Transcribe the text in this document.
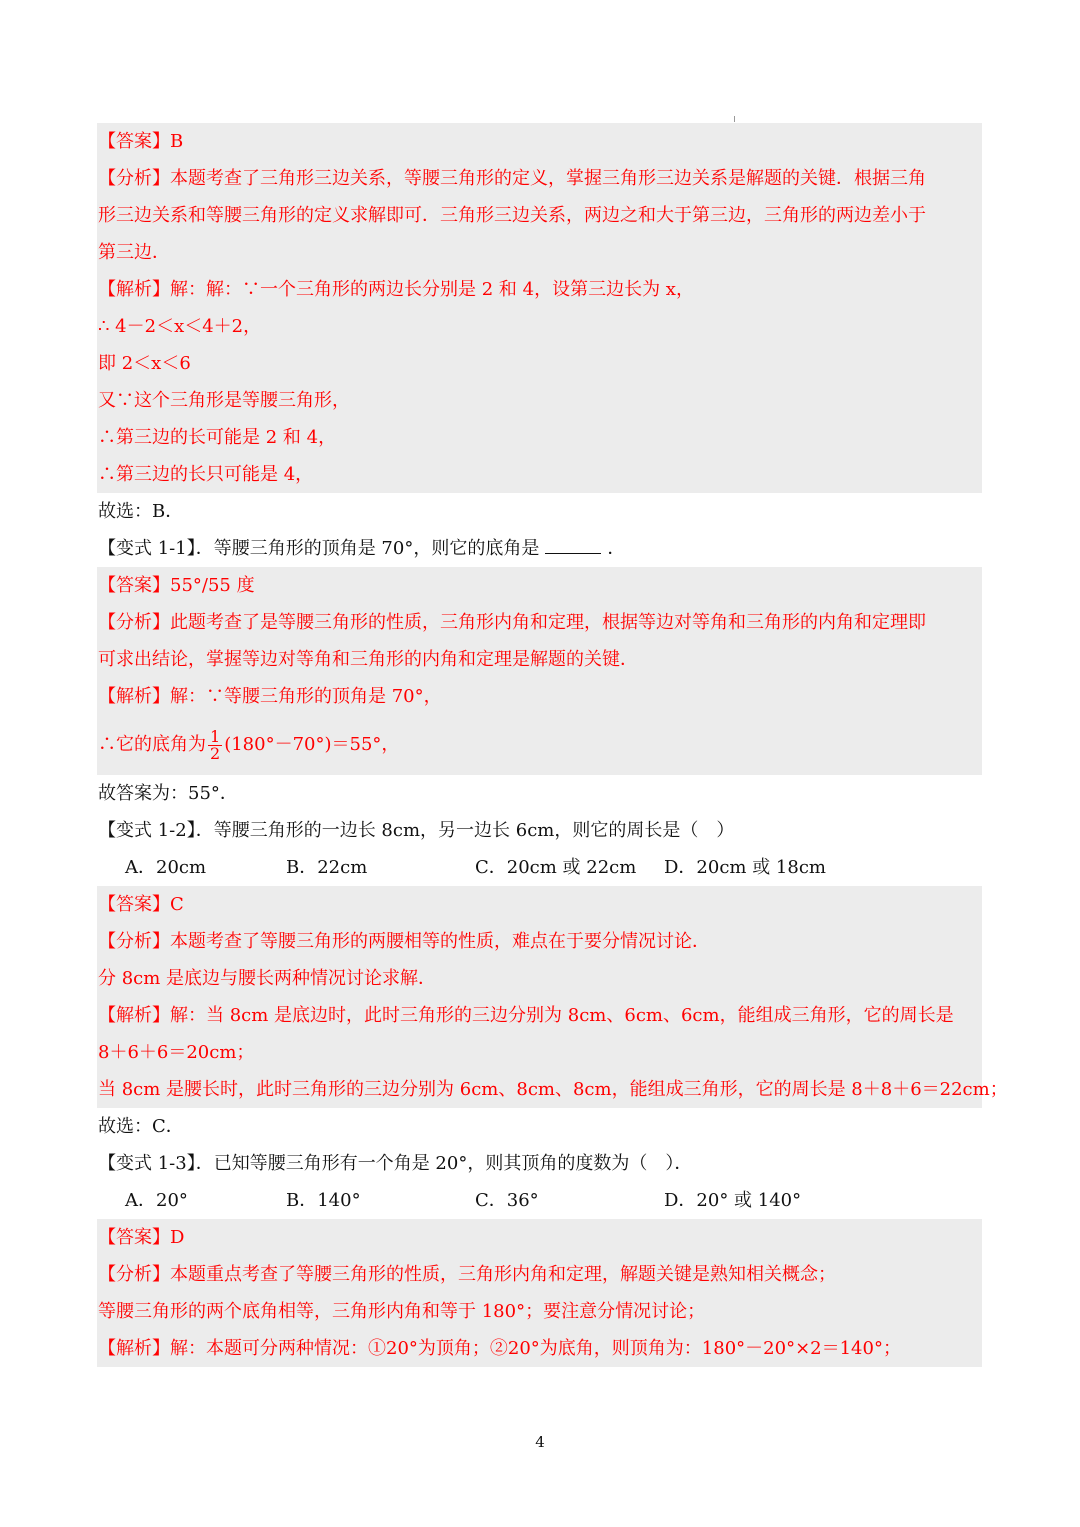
【答案】B
【分析】本题考查了三角形三边关系，等腰三角形的定义，掌握三角形三边关系是解题的关键．根据三角
形三边关系和等腰三角形的定义求解即可．三角形三边关系，两边之和大于第三边，三角形的两边差小于
第三边．
【解析】解：解：∵一个三角形的两边长分别是 2 和 4，设第三边长为 x，
∴ 4－2＜x＜4＋2，
即 2＜x＜6
又∵这个三角形是等腰三角形，
∴第三边的长可能是 2 和 4，
∴第三边的长只可能是 4，
故选：B．
【变式 1-1】．等腰三角形的顶角是 70°，则它的底角是	．
【答案】55°/55 度
【分析】此题考查了是等腰三角形的性质，三角形内角和定理，根据等边对等角和三角形的内角和定理即
可求出结论，掌握等边对等角和三角形的内角和定理是解题的关键．
【解析】解：∵等腰三角形的顶角是 70°，
∴它的底角为 $\frac{1}{2} (180^\circ-70^\circ)=55^\circ$，
故答案为：55°．
【变式 1-2】．等腰三角形的一边长 8cm，另一边长 6cm，则它的周长是（　）
A．20cm	B．22cm	C．20cm 或 22cm	D．20cm 或 18cm
【答案】C
【分析】本题考查了等腰三角形的两腰相等的性质，难点在于要分情况讨论．
分 8cm 是底边与腰长两种情况讨论求解．
【解析】解：当 8cm 是底边时，此时三角形的三边分别为 8cm、6cm、6cm，能组成三角形，它的周长是
8＋6＋6＝20cm；
当 8cm 是腰长时，此时三角形的三边分别为 6cm、8cm、8cm，能组成三角形，它的周长是 8＋8＋6＝22cm；
故选：C．
【变式 1-3】．已知等腰三角形有一个角是 20°，则其顶角的度数为（　）．
A．20°	B．140°	C．36°	D．20° 或 140°
【答案】D
【分析】本题重点考查了等腰三角形的性质，三角形内角和定理，解题关键是熟知相关概念；
等腰三角形的两个底角相等，三角形内角和等于 180°；要注意分情况讨论；
【解析】解：本题可分两种情况：①20°为顶角；②20°为底角，则顶角为：180°－20°×2＝140°；
4
